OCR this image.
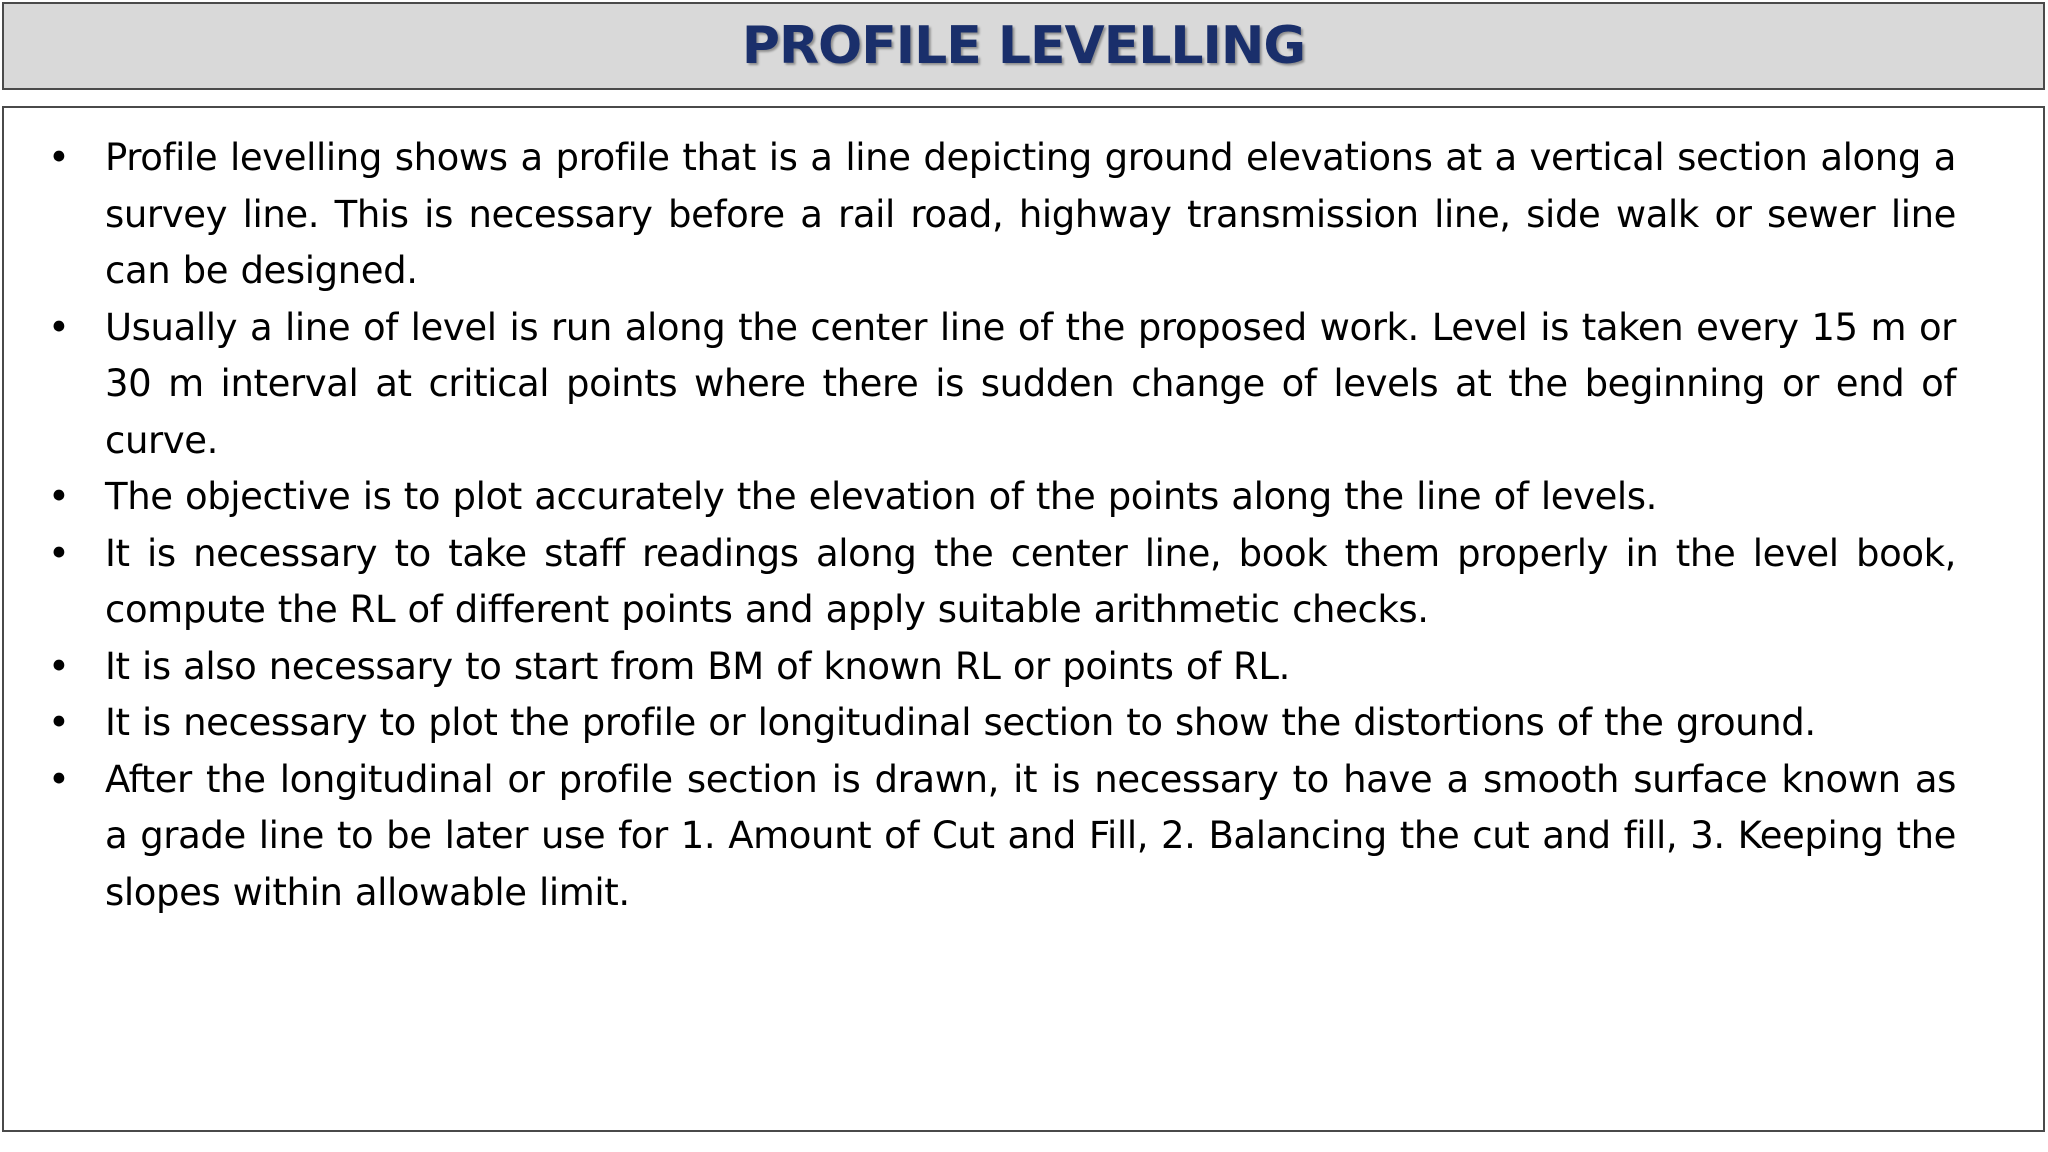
PROFILE LEVELLING
• Profile levelling shows a profile that is a line depicting ground elevations at a vertical section along a survey line. This is necessary before a rail road, highway transmission line, side walk or sewer line can be designed.
• Usually a line of level is run along the center line of the proposed work. Level is taken every 15 m or 30 m interval at critical points where there is sudden change of levels at the beginning or end of curve.
• The objective is to plot accurately the elevation of the points along the line of levels.
• It is necessary to take staff readings along the center line, book them properly in the level book, compute the RL of different points and apply suitable arithmetic checks.
• It is also necessary to start from BM of known RL or points of RL.
• It is necessary to plot the profile or longitudinal section to show the distortions of the ground.
• After the longitudinal or profile section is drawn, it is necessary to have a smooth surface known as a grade line to be later use for 1. Amount of Cut and Fill, 2. Balancing the cut and fill, 3. Keeping the slopes within allowable limit.
